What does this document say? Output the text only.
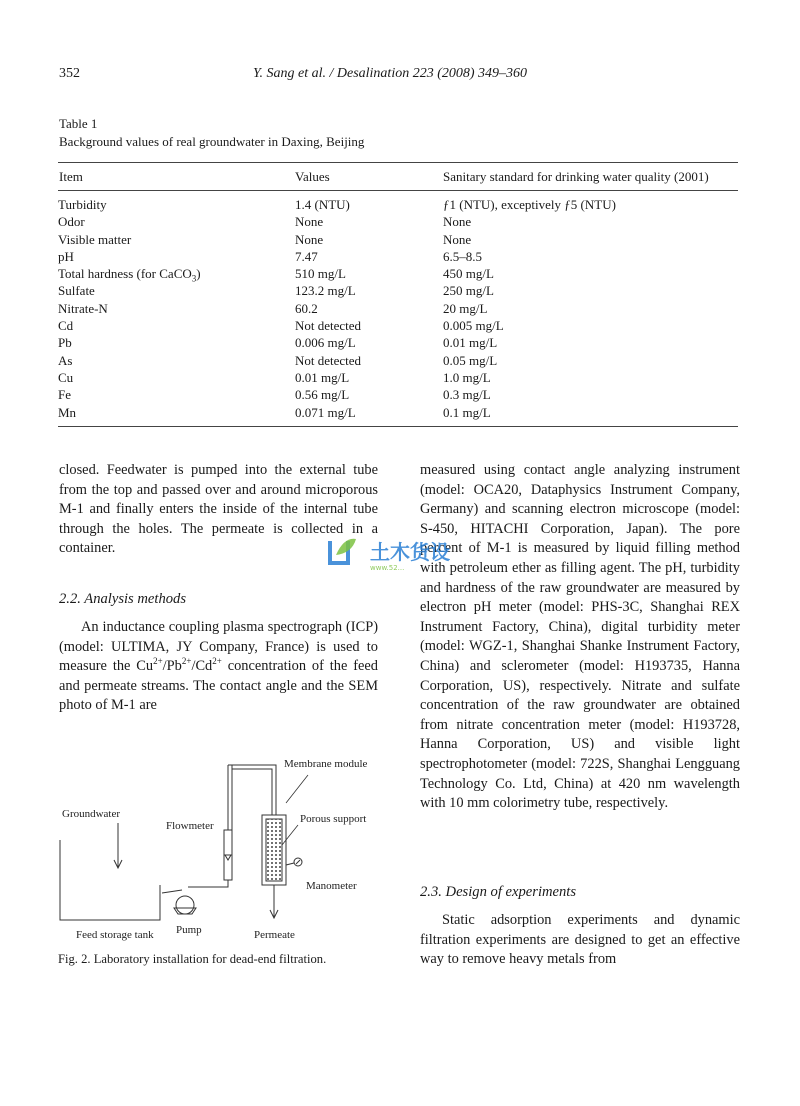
352	Y. Sang et al. / Desalination 223 (2008) 349–360
Table 1
Background values of real groundwater in Daxing, Beijing
Item	Values	Sanitary standard for drinking water quality (2001)
Turbidity	1.4 (NTU)	ƒ1 (NTU), exceptively ƒ5 (NTU)
Odor	None	None
Visible matter	None	None
pH	7.47	6.5–8.5
Total hardness (for CaCO$_3$)	510 mg/L	450 mg/L
Sulfate	123.2 mg/L	250 mg/L
Nitrate-N	60.2	20 mg/L
Cd	Not detected	0.005 mg/L
Pb	0.006 mg/L	0.01 mg/L
As	Not detected	0.05 mg/L
Cu	0.01 mg/L	1.0 mg/L
Fe	0.56 mg/L	0.3 mg/L
Mn	0.071 mg/L	0.1 mg/L

closed. Feedwater is pumped into the external tube from the top and passed over and around microporous M-1 and finally enters the inside of the internal tube through the holes. The permeate is collected in a container.

2.2. Analysis methods

An inductance coupling plasma spectrograph (ICP) (model: ULTIMA, JY Company, France) is used to measure the $Cu^{2+}/Pb^{2+}/Cd^{2+}$ concentration of the feed and permeate streams. The contact angle and the SEM photo of M-1 are

Membrane module
Groundwater
Flowmeter
Porous support
Manometer
Feed storage tank Pump	Permeate
Fig. 2. Laboratory installation for dead-end filtration.

measured using contact angle analyzing instrument (model: OCA20, Dataphysics Instrument Company, Germany) and scanning electron microscope (model: S-450, HITACHI Corporation, Japan). The pore percent of M-1 is measured by liquid filling method with petroleum ether as filling agent. The pH, turbidity and hardness of the raw groundwater are measured by electron pH meter (model: PHS-3C, Shanghai REX Instrument Factory, China), digital turbidity meter (model: WGZ-1, Shanghai Shanke Instrument Factory, China) and sclerometer (model: H193735, Hanna Corporation, US), respectively. Nitrate and sulfate concentration of the raw groundwater are obtained from nitrate concentration meter (model: H193728, Hanna Corporation, US) and visible light spectrophotometer (model: 722S, Shanghai Lengguang Technology Co. Ltd, China) at 420 nm wavelength with 10 mm colorimetry tube, respectively.

2.3. Design of experiments

Static adsorption experiments and dynamic filtration experiments are designed to get an effective way to remove heavy metals from

土木货设
www.52...
